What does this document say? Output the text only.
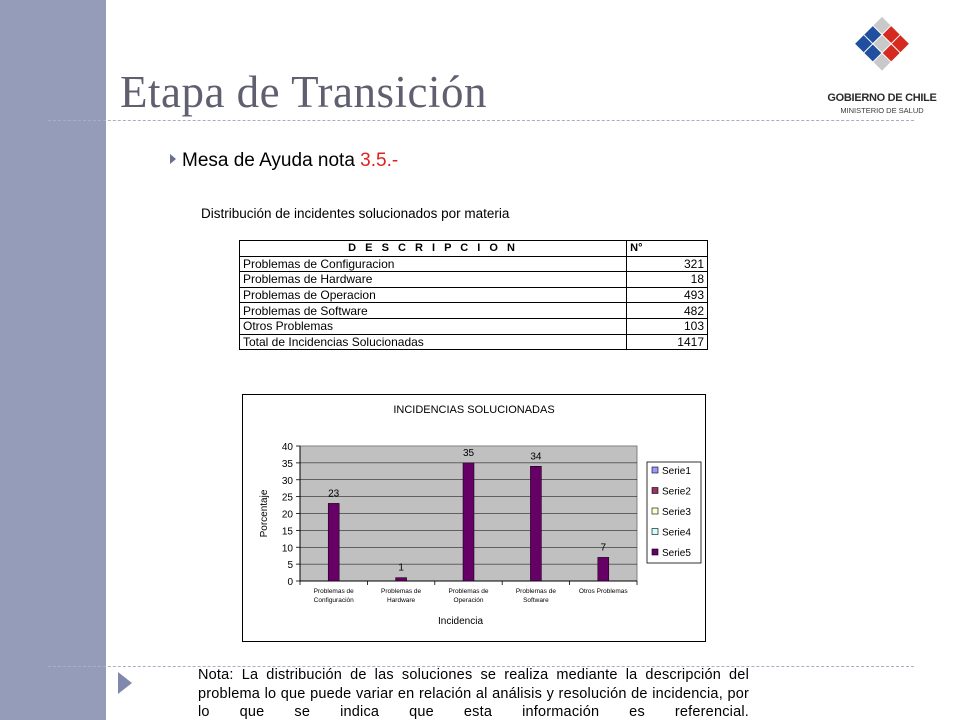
Etapa de Transición	GOBIERNO DE CHILE
MINISTERIO DE SALUD
Mesa de Ayuda nota 3.5.-
Distribución de incidentes solucionados por materia
D E S C R I P C I O N	N°
Problemas de Configuracion	321
Problemas de Hardware	18
Problemas de Operacion	493
Problemas de Software	482
Otros Problemas	103
Total de Incidencias Solucionadas	1417
INCIDENCIAS SOLUCIONADAS
0
5
10
15
20
25
30
35
40
23
Problemas de
Configuración
1
Problemas de
Hardware
35
Problemas de
Operación
34
Problemas de
Software
7
Otros Problemas
Incidencia
Porcentaje
Serie1
Serie2
Serie3
Serie4
Serie5
Nota: La distribución de las soluciones se realiza mediante la descripción del problema lo que puede variar en relación al análisis y resolución de incidencia, por lo que se indica que esta información es referencial.
